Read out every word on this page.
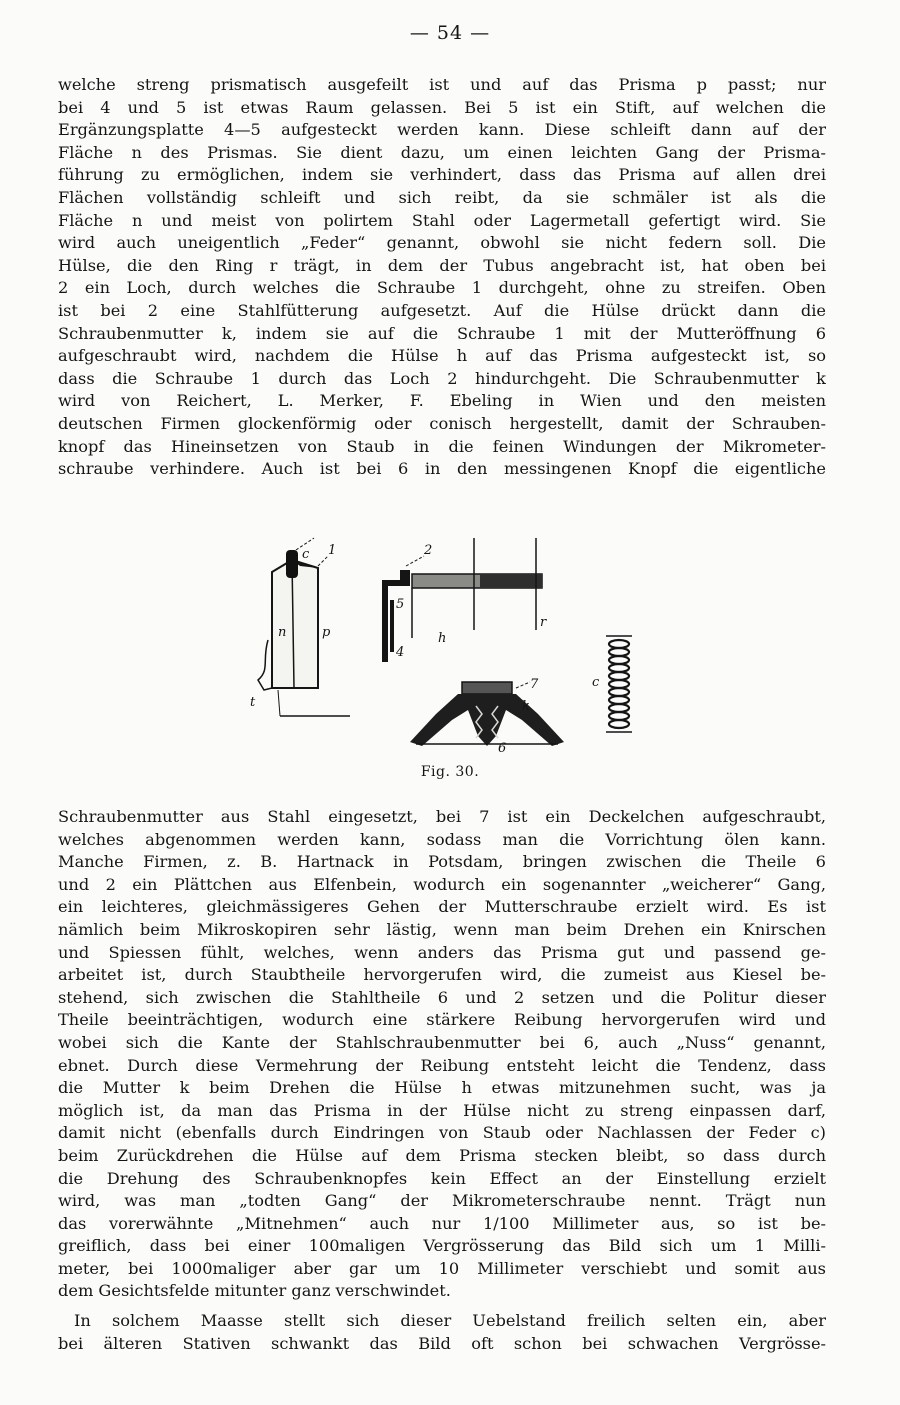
— 54 —
welche streng prismatisch ausgefeilt ist und auf das Prisma p passt; nur
bei 4 und 5 ist etwas Raum gelassen. Bei 5 ist ein Stift, auf welchen die
Ergänzungsplatte 4—5 aufgesteckt werden kann. Diese schleift dann auf der
Fläche n des Prismas. Sie dient dazu, um einen leichten Gang der Prisma-
führung zu ermöglichen, indem sie verhindert, dass das Prisma auf allen drei
Flächen vollständig schleift und sich reibt, da sie schmäler ist als die
Fläche n und meist von polirtem Stahl oder Lagermetall gefertigt wird. Sie
wird auch uneigentlich „Feder“ genannt, obwohl sie nicht federn soll. Die
Hülse, die den Ring r trägt, in dem der Tubus angebracht ist, hat oben bei
2 ein Loch, durch welches die Schraube 1 durchgeht, ohne zu streifen. Oben
ist bei 2 eine Stahlfütterung aufgesetzt. Auf die Hülse drückt dann die
Schraubenmutter k, indem sie auf die Schraube 1 mit der Mutteröffnung 6
aufgeschraubt wird, nachdem die Hülse h auf das Prisma aufgesteckt ist, so
dass die Schraube 1 durch das Loch 2 hindurchgeht. Die Schraubenmutter k
wird von Reichert, L. Merker, F. Ebeling in Wien und den meisten
deutschen Firmen glockenförmig oder conisch hergestellt, damit der Schrauben-
knopf das Hineinsetzen von Staub in die feinen Windungen der Mikrometer-
schraube verhindere. Auch ist bei 6 in den messingenen Knopf die eigentliche
c 1
n	p
t
2
5
4
h
r
7
k
6
c
Fig. 30.
Schraubenmutter aus Stahl eingesetzt, bei 7 ist ein Deckelchen aufgeschraubt,
welches abgenommen werden kann, sodass man die Vorrichtung ölen kann.
Manche Firmen, z. B. Hartnack in Potsdam, bringen zwischen die Theile 6
und 2 ein Plättchen aus Elfenbein, wodurch ein sogenannter „weicherer“ Gang,
ein leichteres, gleichmässigeres Gehen der Mutterschraube erzielt wird. Es ist
nämlich beim Mikroskopiren sehr lästig, wenn man beim Drehen ein Knirschen
und Spiessen fühlt, welches, wenn anders das Prisma gut und passend ge-
arbeitet ist, durch Staubtheile hervorgerufen wird, die zumeist aus Kiesel be-
stehend, sich zwischen die Stahltheile 6 und 2 setzen und die Politur dieser
Theile beeinträchtigen, wodurch eine stärkere Reibung hervorgerufen wird und
wobei sich die Kante der Stahlschraubenmutter bei 6, auch „Nuss“ genannt,
ebnet. Durch diese Vermehrung der Reibung entsteht leicht die Tendenz, dass
die Mutter k beim Drehen die Hülse h etwas mitzunehmen sucht, was ja
möglich ist, da man das Prisma in der Hülse nicht zu streng einpassen darf,
damit nicht (ebenfalls durch Eindringen von Staub oder Nachlassen der Feder c)
beim Zurückdrehen die Hülse auf dem Prisma stecken bleibt, so dass durch
die Drehung des Schraubenknopfes kein Effect an der Einstellung erzielt
wird, was man „todten Gang“ der Mikrometerschraube nennt. Trägt nun
das vorerwähnte „Mitnehmen“ auch nur 1/100 Millimeter aus, so ist be-
greiflich, dass bei einer 100maligen Vergrösserung das Bild sich um 1 Milli-
meter, bei 1000maliger aber gar um 10 Millimeter verschiebt und somit aus
dem Gesichtsfelde mitunter ganz verschwindet.
In solchem Maasse stellt sich dieser Uebelstand freilich selten ein, aber
bei älteren Stativen schwankt das Bild oft schon bei schwachen Vergrösse-
